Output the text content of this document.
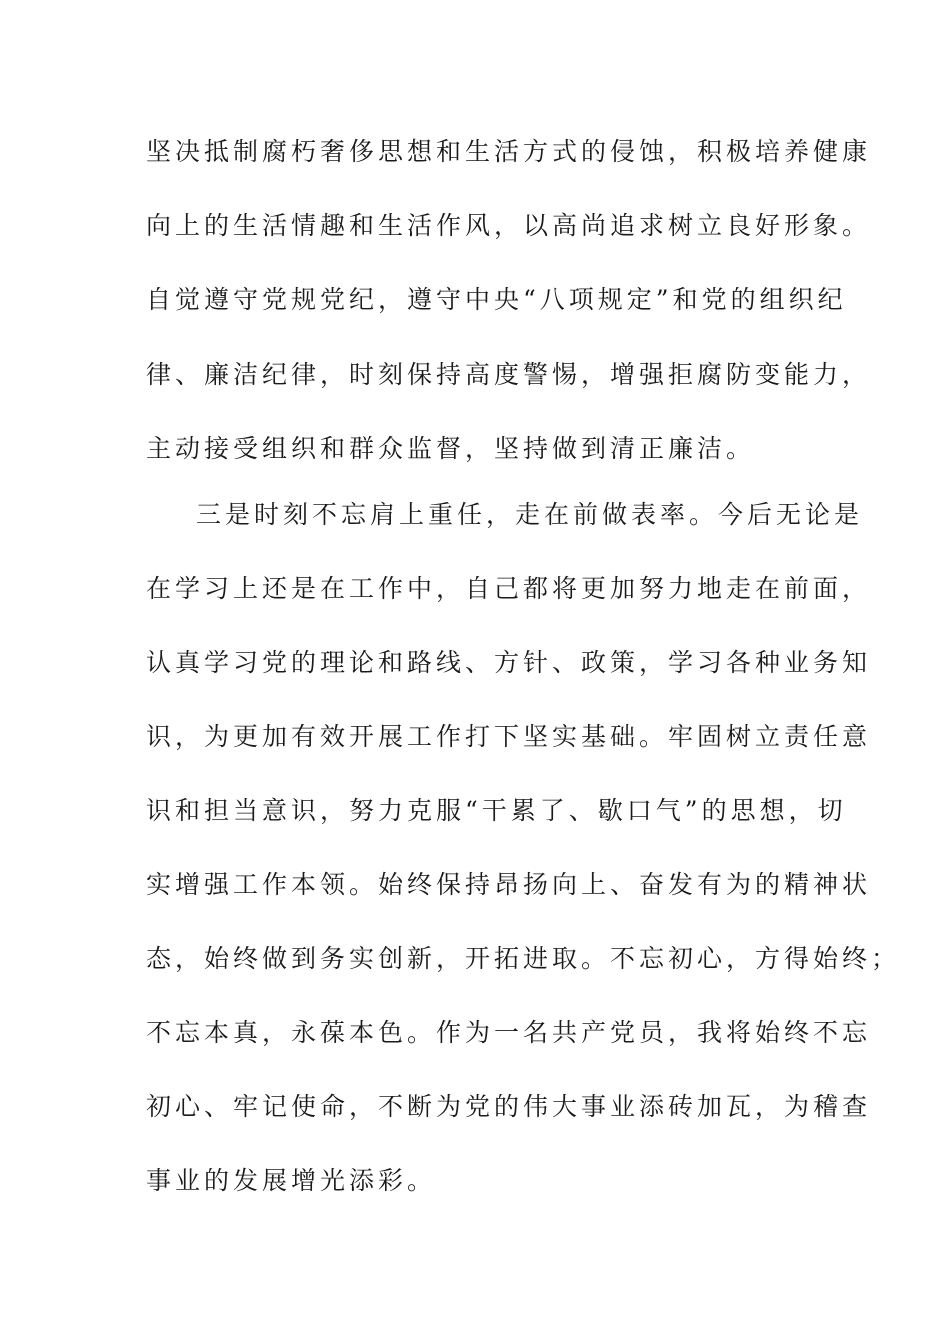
坚决抵制腐朽奢侈思想和生活方式的侵蚀，积极培养健康
向上的生活情趣和生活作风，以高尚追求树立良好形象。
自觉遵守党规党纪，遵守中央“八项规定”和党的组织纪
律、廉洁纪律，时刻保持高度警惕，增强拒腐防变能力，
主动接受组织和群众监督，坚持做到清正廉洁。
三是时刻不忘肩上重任，走在前做表率。今后无论是
在学习上还是在工作中，自己都将更加努力地走在前面，
认真学习党的理论和路线、方针、政策，学习各种业务知
识，为更加有效开展工作打下坚实基础。牢固树立责任意
识和担当意识，努力克服“干累了、歇口气”的思想，切
实增强工作本领。始终保持昂扬向上、奋发有为的精神状
态，始终做到务实创新，开拓进取。不忘初心，方得始终；
不忘本真，永葆本色。作为一名共产党员，我将始终不忘
初心、牢记使命，不断为党的伟大事业添砖加瓦，为稽查
事业的发展增光添彩。
